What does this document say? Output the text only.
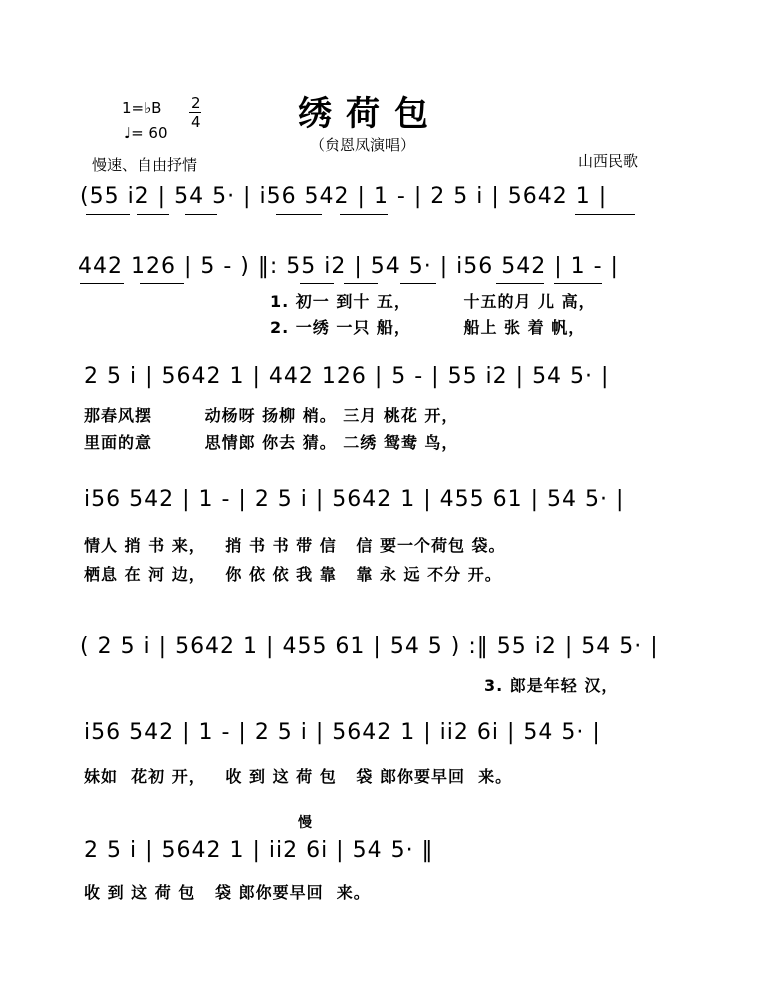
1=♭B 2
4
♩= 60
慢速、自由抒情
绣荷包
（贠恩凤演唱）
山西民歌
(55 i2 | 54 5· | i56 542 | 1 - | 2 5 i | 5642 1 |
442 126 | 5 - ) ‖: 55 i2 | 54 5· | i56 542 | 1 - |
1. 初一 到十 五，        十五的月 儿 高，
2. 一绣 一只 船，        船上 张 着 帆，
2 5 i | 5642 1 | 442 126 | 5 - | 55 i2 | 54 5· |
那春风摆        动杨呀 扬柳 梢。 三月 桃花 开，
里面的意        思情郎 你去 猜。 二绣 鸳鸯 鸟，
i56 542 | 1 - | 2 5 i | 5642 1 | 455 61 | 54 5· |
情人 捎 书 来，   捎 书 书 带 信   信 要一个荷包 袋。
栖息 在 河 边，   你 依 依 我 靠   靠 永 远 不分 开。
( 2 5 i | 5642 1 | 455 61 | 54 5 ) :‖ 55 i2 | 54 5· |
3. 郎是年轻 汉，
i56 542 | 1 - | 2 5 i | 5642 1 | ii2 6i | 54 5· |
妹如  花初 开，   收 到 这 荷 包   袋 郎你要早回  来。
慢
2 5 i | 5642 1 | ii2 6i | 54 5· ‖
收 到 这 荷 包   袋 郎你要早回  来。
